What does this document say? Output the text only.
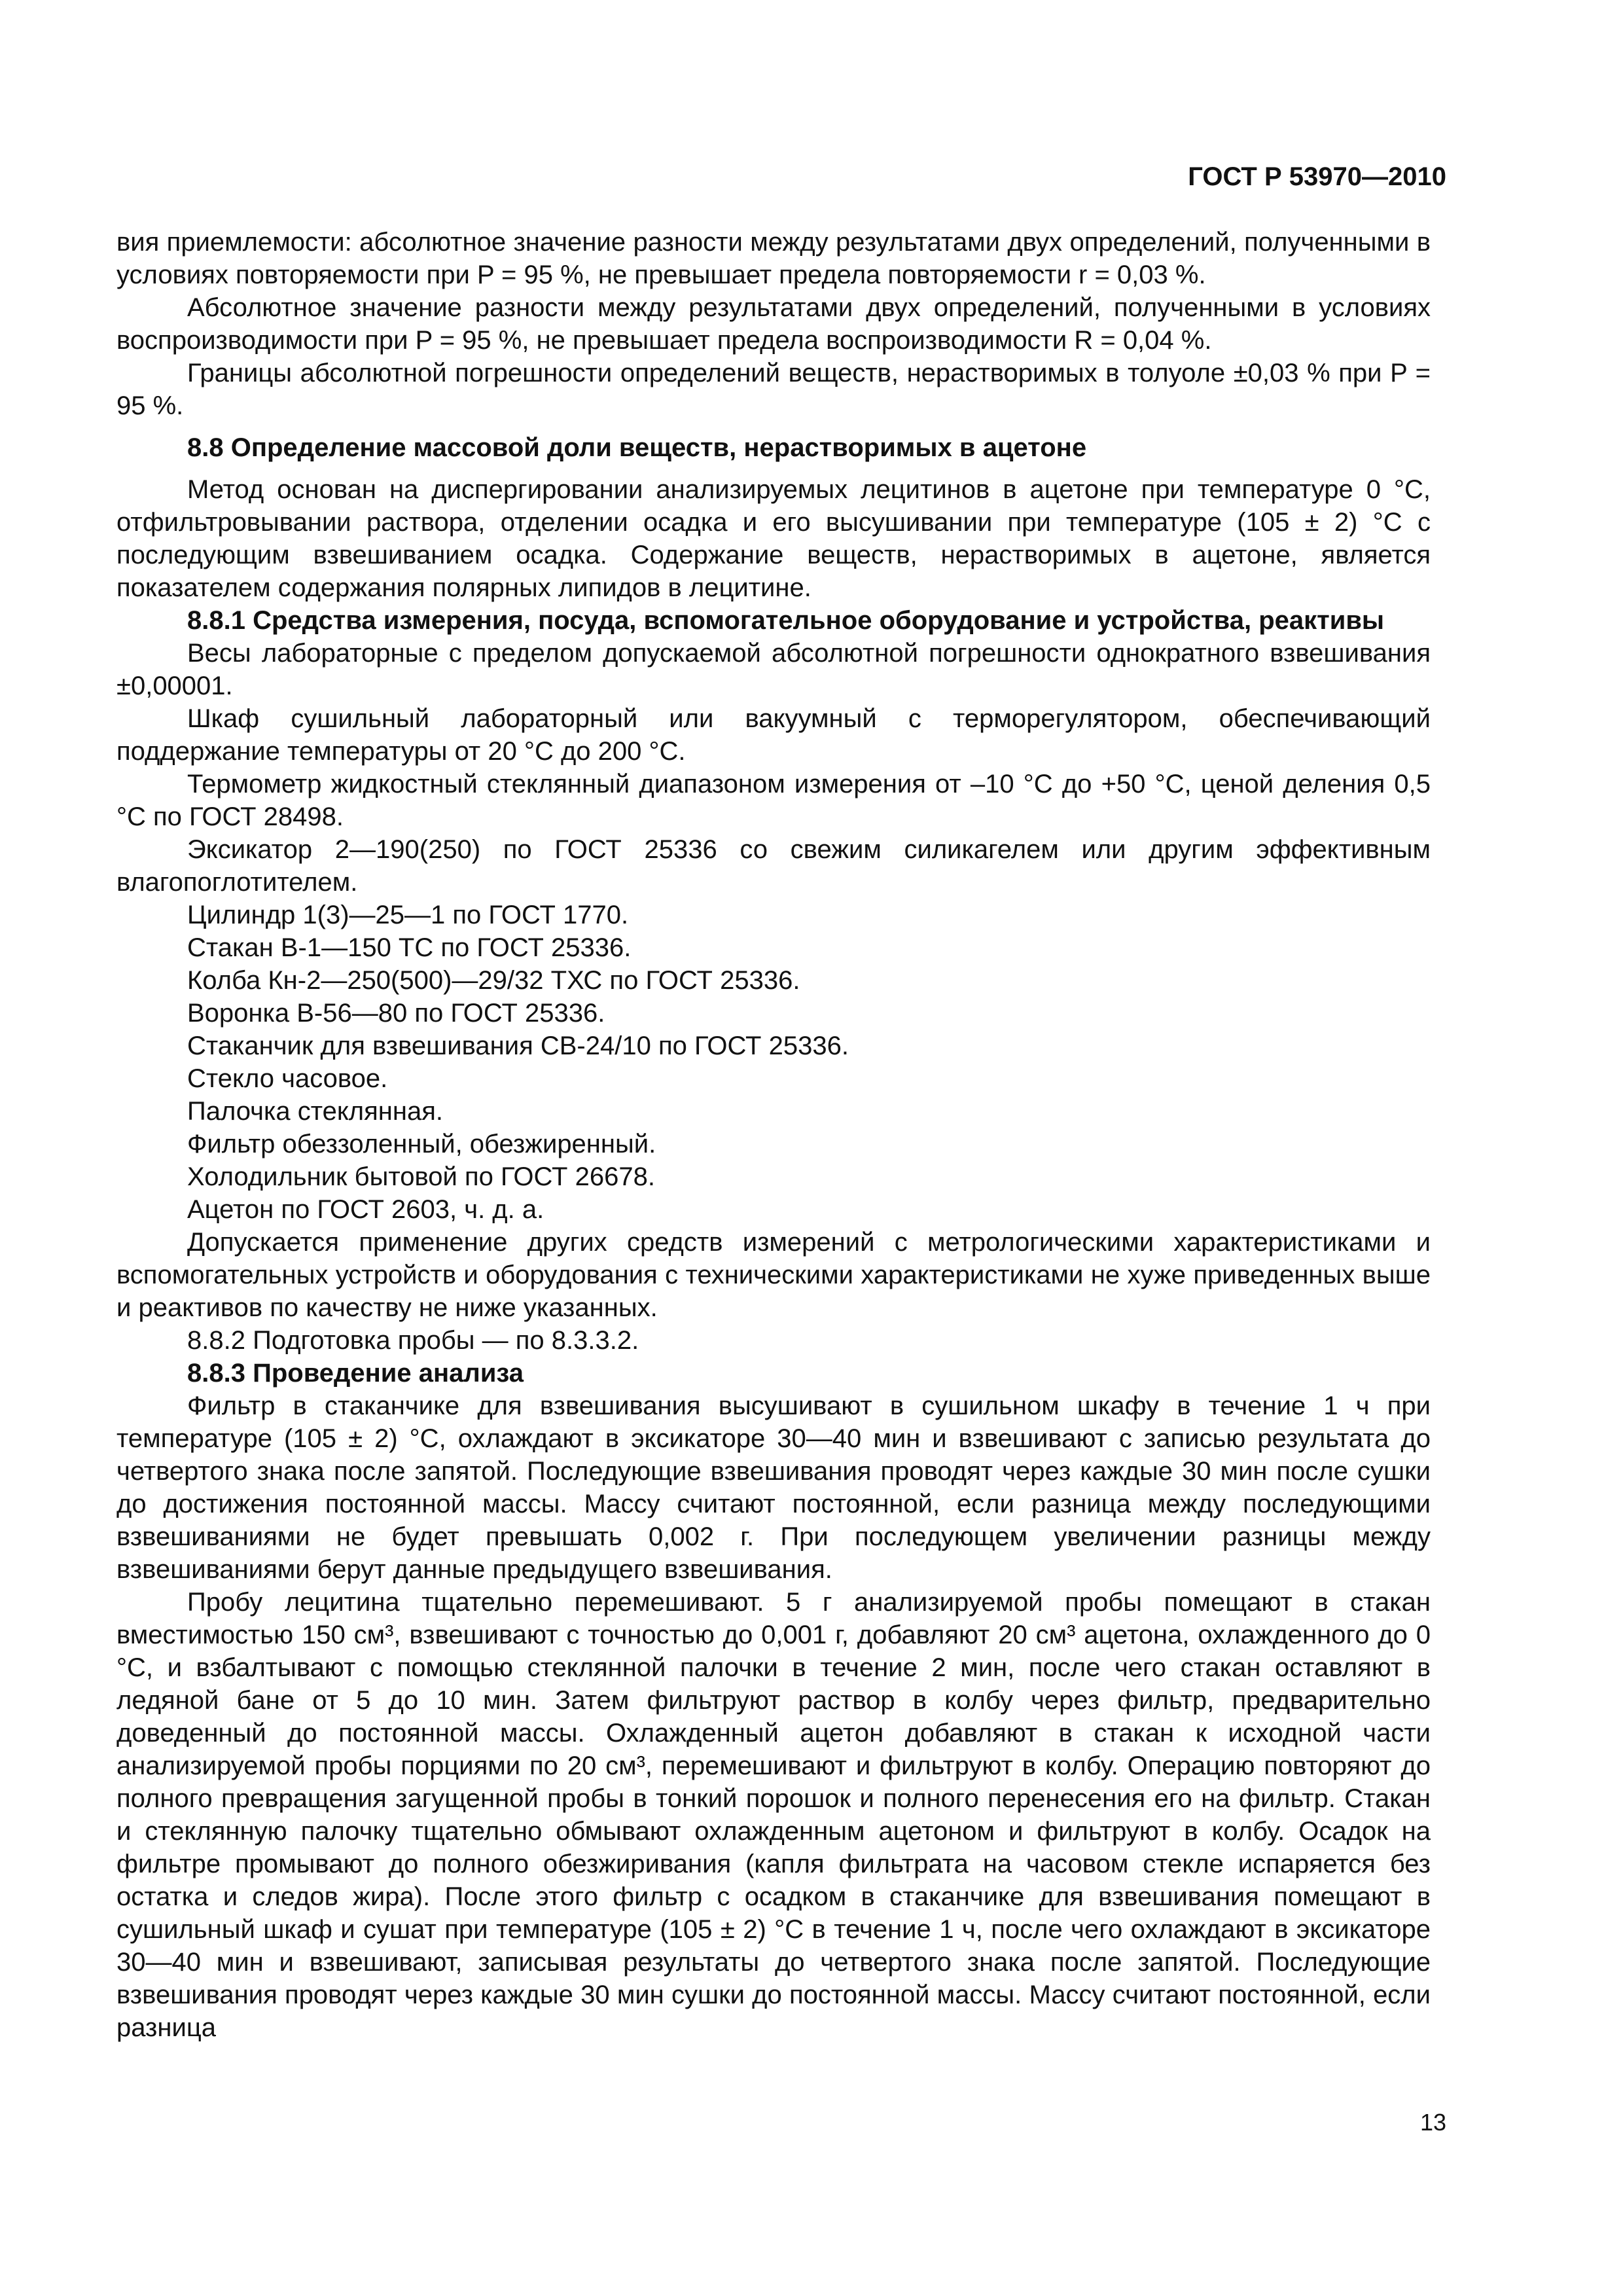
ГОСТ Р 53970—2010

вия приемлемости: абсолютное значение разности между результатами двух определений, полученными в условиях повторяемости при P = 95 %, не превышает предела повторяемости r = 0,03 %.

Абсолютное значение разности между результатами двух определений, полученными в условиях воспроизводимости при P = 95 %, не превышает предела воспроизводимости R = 0,04 %.

Границы абсолютной погрешности определений веществ, нерастворимых в толуоле ±0,03 % при P = 95 %.

8.8 Определение массовой доли веществ, нерастворимых в ацетоне

Метод основан на диспергировании анализируемых лецитинов в ацетоне при температуре 0 °С, отфильтровывании раствора, отделении осадка и его высушивании при температуре (105 ± 2) °С с последующим взвешиванием осадка. Содержание веществ, нерастворимых в ацетоне, является показателем содержания полярных липидов в лецитине.

8.8.1 Средства измерения, посуда, вспомогательное оборудование и устройства, реактивы

Весы лабораторные с пределом допускаемой абсолютной погрешности однократного взвешивания ±0,00001.

Шкаф сушильный лабораторный или вакуумный с терморегулятором, обеспечивающий поддержание температуры от 20 °С до 200 °С.

Термометр жидкостный стеклянный диапазоном измерения от –10 °С до +50 °С, ценой деления 0,5 °С по ГОСТ 28498.

Эксикатор 2—190(250) по ГОСТ 25336 со свежим силикагелем или другим эффективным влагопоглотителем.

Цилиндр 1(3)—25—1 по ГОСТ 1770.

Стакан В-1—150 ТС по ГОСТ 25336.

Колба Кн-2—250(500)—29/32 ТХС по ГОСТ 25336.

Воронка В-56—80 по ГОСТ 25336.

Стаканчик для взвешивания СВ-24/10 по ГОСТ 25336.

Стекло часовое.

Палочка стеклянная.

Фильтр обеззоленный, обезжиренный.

Холодильник бытовой по ГОСТ 26678.

Ацетон по ГОСТ 2603, ч. д. а.

Допускается применение других средств измерений с метрологическими характеристиками и вспомогательных устройств и оборудования с техническими характеристиками не хуже приведенных выше и реактивов по качеству не ниже указанных.

8.8.2 Подготовка пробы — по 8.3.3.2.

8.8.3 Проведение анализа

Фильтр в стаканчике для взвешивания высушивают в сушильном шкафу в течение 1 ч при температуре (105 ± 2) °С, охлаждают в эксикаторе 30—40 мин и взвешивают с записью результата до четвертого знака после запятой. Последующие взвешивания проводят через каждые 30 мин после сушки до достижения постоянной массы. Массу считают постоянной, если разница между последующими взвешиваниями не будет превышать 0,002 г. При последующем увеличении разницы между взвешиваниями берут данные предыдущего взвешивания.

Пробу лецитина тщательно перемешивают. 5 г анализируемой пробы помещают в стакан вместимостью 150 см³, взвешивают с точностью до 0,001 г, добавляют 20 см³ ацетона, охлажденного до 0 °С, и взбалтывают с помощью стеклянной палочки в течение 2 мин, после чего стакан оставляют в ледяной бане от 5 до 10 мин. Затем фильтруют раствор в колбу через фильтр, предварительно доведенный до постоянной массы. Охлажденный ацетон добавляют в стакан к исходной части анализируемой пробы порциями по 20 см³, перемешивают и фильтруют в колбу. Операцию повторяют до полного превращения загущенной пробы в тонкий порошок и полного перенесения его на фильтр. Стакан и стеклянную палочку тщательно обмывают охлажденным ацетоном и фильтруют в колбу. Осадок на фильтре промывают до полного обезжиривания (капля фильтрата на часовом стекле испаряется без остатка и следов жира). После этого фильтр с осадком в стаканчике для взвешивания помещают в сушильный шкаф и сушат при температуре (105 ± 2) °С в течение 1 ч, после чего охлаждают в эксикаторе 30—40 мин и взвешивают, записывая результаты до четвертого знака после запятой. Последующие взвешивания проводят через каждые 30 мин сушки до постоянной массы. Массу считают постоянной, если разница

13
